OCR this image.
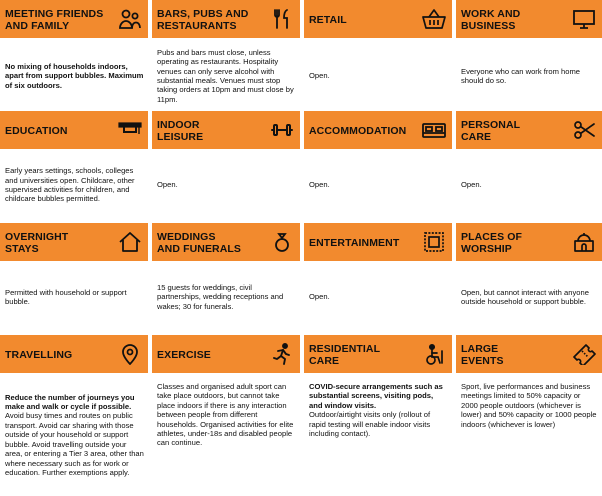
MEETING FRIENDS
AND FAMILY
No mixing of households indoors, apart from support bubbles. Maximum of six outdoors.
EDUCATION
Early years settings, schools, colleges and universities open. Childcare, other supervised activities for children, and childcare bubbles permitted.
OVERNIGHT
STAYS
Permitted with household or support bubble.
TRAVELLING
Reduce the number of journeys you make and walk or cycle if possible.
Avoid busy times and routes on public transport. Avoid car sharing with those outside of your household or support bubble. Avoid travelling outside your area, or entering a Tier 3 area, other than where necessary such as for work or education. Further exemptions apply.
BARS, PUBS AND
RESTAURANTS
Pubs and bars must close, unless operating as restaurants. Hospitality venues can only serve alcohol with substantial meals. Venues must stop taking orders at 10pm and must close by 11pm.
INDOOR
LEISURE
Open.
WEDDINGS
AND FUNERALS
15 guests for weddings, civil partnerships, wedding receptions and wakes; 30 for funerals.
EXERCISE
Classes and organised adult sport can take place outdoors, but cannot take place indoors if there is any interaction between people from different households. Organised activities for elite athletes, under-18s and disabled people can continue.
RETAIL
Open.
ACCOMMODATION
Open.
ENTERTAINMENT
Open.
RESIDENTIAL
CARE
COVID-secure arrangements such as substantial screens, visiting pods, and window visits.
Outdoor/airtight visits only (rollout of rapid testing will enable indoor visits including contact).
WORK AND
BUSINESS
Everyone who can work from home should do so.
PERSONAL
CARE
Open.
PLACES OF
WORSHIP
Open, but cannot interact with anyone outside household or support bubble.
LARGE
EVENTS
Sport, live performances and business meetings limited to 50% capacity or 2000 people outdoors (whichever is lower) and 50% capacity or 1000 people indoors (whichever is lower)
